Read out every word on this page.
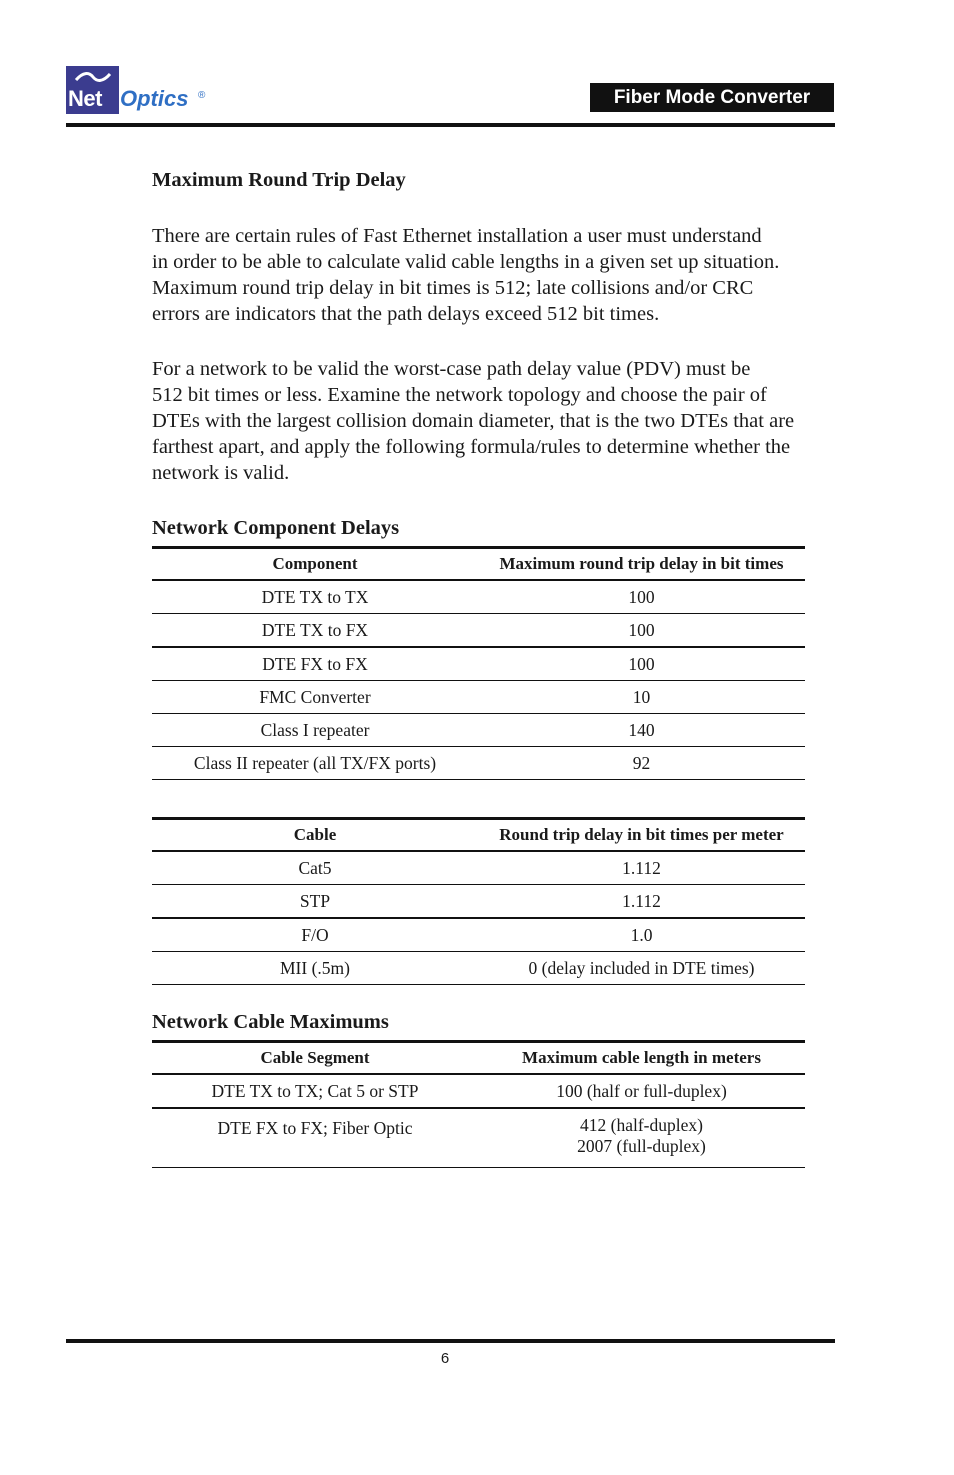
Net Optics ®	Fiber Mode Converter
Maximum Round Trip Delay

There are certain rules of Fast Ethernet installation a user must understand
in order to be able to calculate valid cable lengths in a given set up situation.
Maximum round trip delay in bit times is 512; late collisions and/or CRC
errors are indicators that the path delays exceed 512 bit times.

For a network to be valid the worst-case path delay value (PDV) must be
512 bit times or less. Examine the network topology and choose the pair of
DTEs with the largest collision domain diameter, that is the two DTEs that are
farthest apart, and apply the following formula/rules to determine whether the
network is valid.

Network Component Delays
Component	Maximum round trip delay in bit times
DTE TX to TX	100
DTE TX to FX	100
DTE FX to FX	100
FMC Converter	10
Class I repeater	140
Class II repeater (all TX/FX ports)	92
Cable	Round trip delay in bit times per meter
Cat5	1.112
STP	1.112
F/O	1.0
MII (.5m)	0 (delay included in DTE times)
Network Cable Maximums
Cable Segment	Maximum cable length in meters
DTE TX to TX; Cat 5 or STP	100 (half or full-duplex)
DTE FX to FX; Fiber Optic	412 (half-duplex)
2007 (full-duplex)
6
